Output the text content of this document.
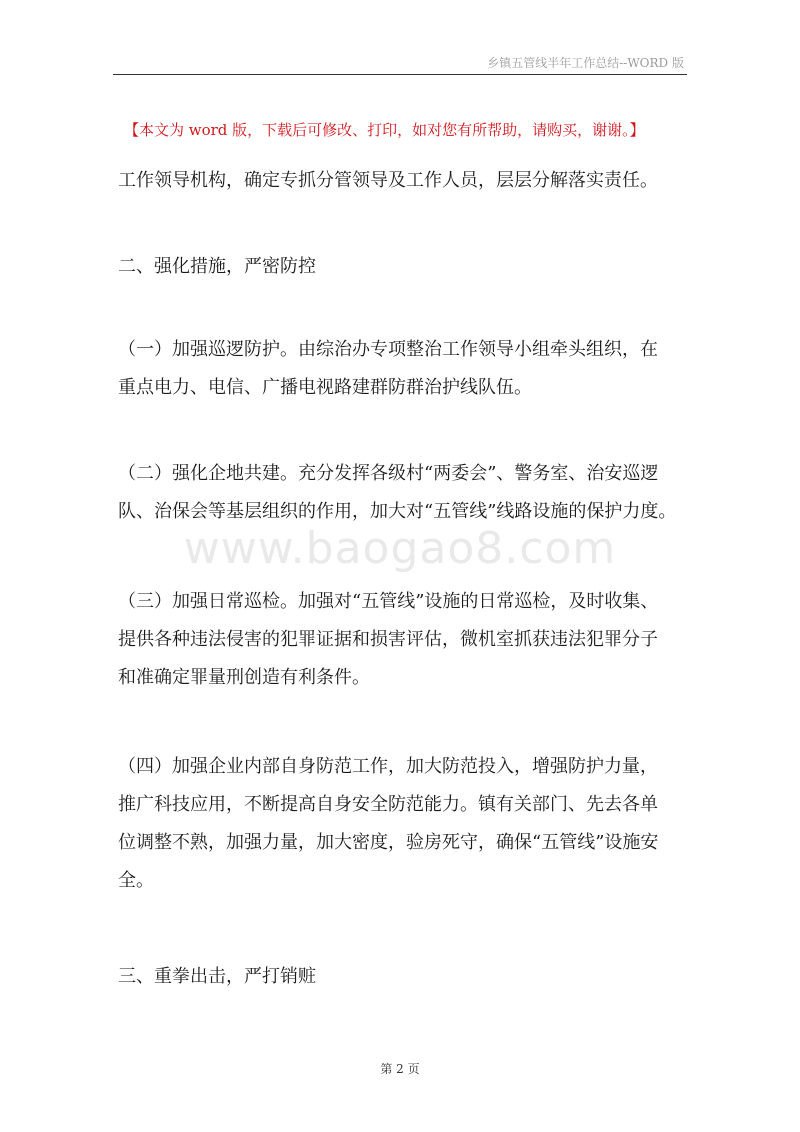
乡镇五管线半年工作总结--WORD 版
【本文为 word 版，下载后可修改、打印，如对您有所帮助，请购买，谢谢。】
工作领导机构，确定专抓分管领导及工作人员，层层分解落实责任。
二、强化措施，严密防控
（一）加强巡逻防护。由综治办专项整治工作领导小组牵头组织，在
重点电力、电信、广播电视路建群防群治护线队伍。
（二）强化企地共建。充分发挥各级村“两委会”、警务室、治安巡逻
队、治保会等基层组织的作用，加大对“五管线”线路设施的保护力度。
（三）加强日常巡检。加强对“五管线”设施的日常巡检，及时收集、
提供各种违法侵害的犯罪证据和损害评估，微机室抓获违法犯罪分子
和准确定罪量刑创造有利条件。
（四）加强企业内部自身防范工作，加大防范投入，增强防护力量，
推广科技应用，不断提高自身安全防范能力。镇有关部门、先去各单
位调整不熟，加强力量，加大密度，验房死守，确保“五管线”设施安
全。
三、重拳出击，严打销赃
www.baogao8.com
第 2 页
